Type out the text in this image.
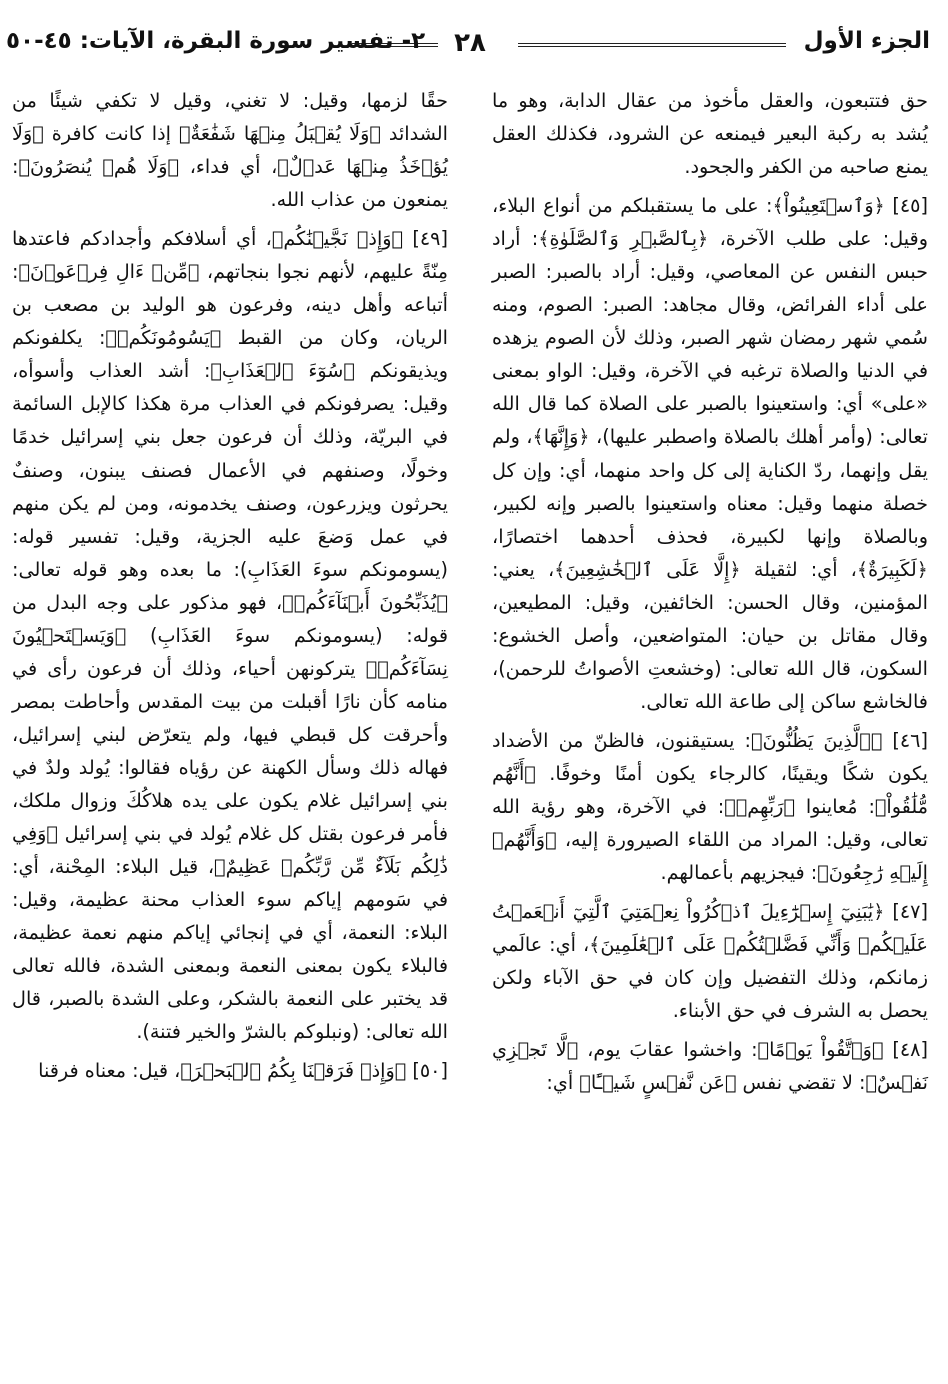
الجزء الأول
٢٨
٢- تفسير سورة البقرة، الآيات: ٤٥-٥٠

حق فتتبعون، والعقل مأخوذ من عقال الدابة، وهو ما يُشد به ركبة البعير فيمنعه عن الشرود، فكذلك العقل يمنع صاحبه من الكفر والجحود.

[٤٥] ﴿وَٱسۡتَعِينُواْ﴾: على ما يستقبلكم من أنواع البلاء، وقيل: على طلب الآخرة، ﴿بِٱلصَّبۡرِ وَٱلصَّلَوٰةِ﴾: أراد حبس النفس عن المعاصي، وقيل: أراد بالصبر: الصبر على أداء الفرائض، وقال مجاهد: الصبر: الصوم، ومنه سُمي شهر رمضان شهر الصبر، وذلك لأن الصوم يزهده في الدنيا والصلاة ترغبه في الآخرة، وقيل: الواو بمعنى «على» أي: واستعينوا بالصبر على الصلاة كما قال الله تعالى: (وأمر أهلك بالصلاة واصطبر عليها)، ﴿وَإِنَّهَا﴾، ولم يقل وإنهما، ردّ الكناية إلى كل واحد منهما، أي: وإن كل خصلة منهما وقيل: معناه واستعينوا بالصبر وإنه لكبير، وبالصلاة وإنها لكبيرة، فحذف أحدهما اختصارًا، ﴿لَكَبِيرَةٌ﴾، أي: لثقيلة ﴿إِلَّا عَلَى ٱلۡخَٰشِعِينَ﴾، يعني: المؤمنين، وقال الحسن: الخائفين، وقيل: المطيعين، وقال مقاتل بن حيان: المتواضعين، وأصل الخشوع: السكون، قال الله تعالى: (وخشعتِ الأصواتُ للرحمن)، فالخاشع ساكن إلى طاعة الله تعالى.

[٤٦] ﴿ٱلَّذِينَ يَظُنُّونَ﴾: يستيقنون، فالظنّ من الأضداد يكون شكًا ويقينًا، كالرجاء يكون أمنًا وخوفًا. ﴿أَنَّهُم مُّلَٰقُواْ﴾: مُعاينوا ﴿رَبِّهِمۡ﴾: في الآخرة، وهو رؤية الله تعالى، وقيل: المراد من اللقاء الصيرورة إليه، ﴿وَأَنَّهُمۡ إِلَيۡهِ رَٰجِعُونَ﴾: فيجزيهم بأعمالهم.

[٤٧] ﴿يَٰبَنِيٓ إِسۡرَٰٓءِيلَ ٱذۡكُرُواْ نِعۡمَتِيَ ٱلَّتِيٓ أَنۡعَمۡتُ عَلَيۡكُمۡ وَأَنِّي فَضَّلۡتُكُمۡ عَلَى ٱلۡعَٰلَمِينَ﴾، أي: عالَمي زمانكم، وذلك التفضيل وإن كان في حق الآباء ولكن يحصل به الشرف في حق الأبناء.

[٤٨] ﴿وَٱتَّقُواْ يَوۡمًا﴾: واخشوا عقابَ يوم، ﴿لَّا تَجۡزِي نَفۡسٌ﴾: لا تقضي نفس ﴿عَن نَّفۡسٍ شَيۡـًٔا﴾ أي:

حقًا لزمها، وقيل: لا تغني، وقيل لا تكفي شيئًا من الشدائد ﴿وَلَا يُقۡبَلُ مِنۡهَا شَفَٰعَةٌ﴾ إذا كانت كافرة ﴿وَلَا يُؤۡخَذُ مِنۡهَا عَدۡلٌ﴾، أي فداء، ﴿وَلَا هُمۡ يُنصَرُونَ﴾: يمنعون من عذاب الله.

[٤٩] ﴿وَإِذۡ نَجَّيۡنَٰكُم﴾، أي أسلافكم وأجدادكم فاعتدها مِنّةً عليهم، لأنهم نجوا بنجاتهم، ﴿مِّنۡ ءَالِ فِرۡعَوۡنَ﴾: أتباعه وأهل دينه، وفرعون هو الوليد بن مصعب بن الريان، وكان من القبط ﴿يَسُومُونَكُمۡ﴾: يكلفونكم ويذيقونكم ﴿سُوٓءَ ٱلۡعَذَابِ﴾: أشد العذاب وأسوأه، وقيل: يصرفونكم في العذاب مرة هكذا كالإبل السائمة في البريّة، وذلك أن فرعون جعل بني إسرائيل خدمًا وخولًا، وصنفهم في الأعمال فصنف يبنون، وصنفٌ يحرثون ويزرعون، وصنف يخدمونه، ومن لم يكن منهم في عمل وَضعَ عليه الجزية، وقيل: تفسير قوله: (يسومونكم سوءَ العَذَابِ): ما بعده وهو قوله تعالى: ﴿يُذَبِّحُونَ أَبۡنَآءَكُمۡ﴾، فهو مذكور على وجه البدل من قوله: (يسومونكم سوءَ العَذَابِ) ﴿وَيَسۡتَحۡيُونَ نِسَآءَكُمۡ﴾ يتركونهن أحياء، وذلك أن فرعون رأى في منامه كأن نارًا أقبلت من بيت المقدس وأحاطت بمصر وأحرقت كل قبطي فيها، ولم يتعرّض لبني إسرائيل، فهاله ذلك وسأل الكهنة عن رؤياه فقالوا: يُولد ولدٌ في بني إسرائيل غلام يكون على يده هلاكُكَ وزوال ملكك، فأمر فرعون بقتل كل غلام يُولد في بني إسرائيل ﴿وَفِي ذَٰلِكُم بَلَآءٌ مِّن رَّبِّكُمۡ عَظِيمٌ﴾، قيل البلاء: المِحْنة، أي: في سَومهم إياكم سوء العذاب محنة عظيمة، وقيل: البلاء: النعمة، أي في إنجائي إياكم منهم نعمة عظيمة، فالبلاء يكون بمعنى النعمة وبمعنى الشدة، فالله تعالى قد يختبر على النعمة بالشكر، وعلى الشدة بالصبر، قال الله تعالى: (ونبلوكم بالشرّ والخير فتنة).

[٥٠] ﴿وَإِذۡ فَرَقۡنَا بِكُمُ ٱلۡبَحۡرَ﴾، قيل: معناه فرقنا
